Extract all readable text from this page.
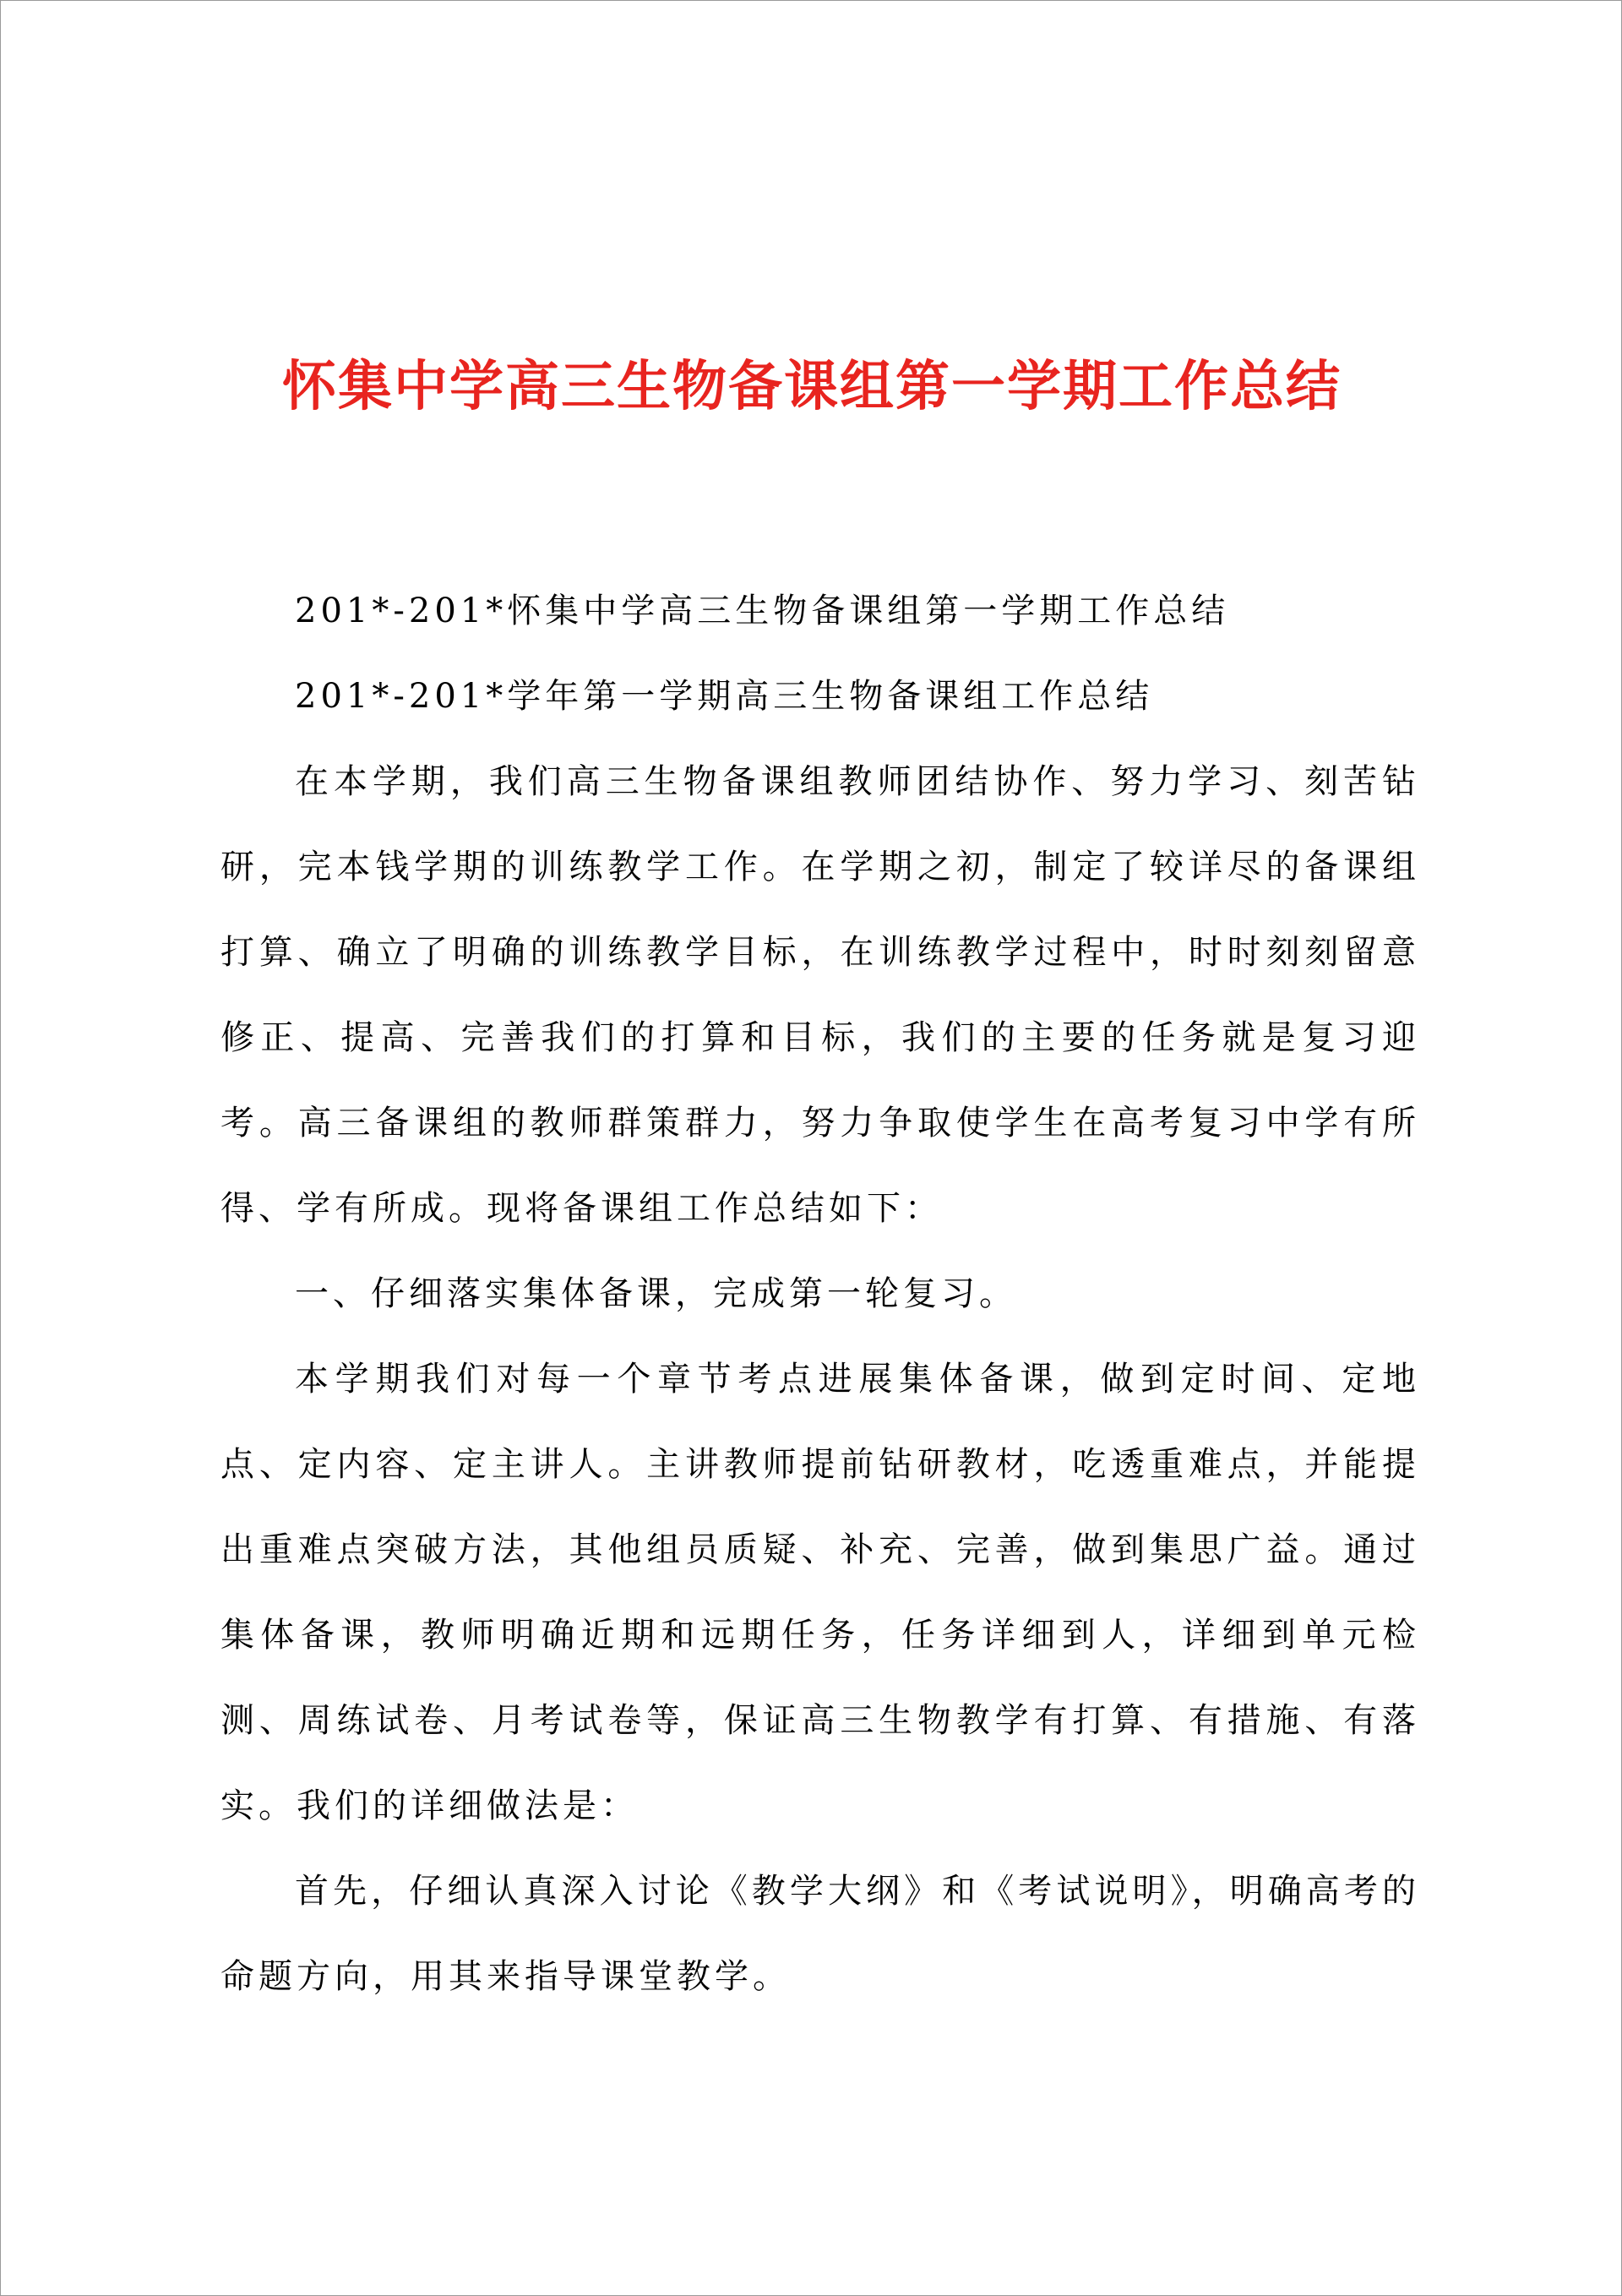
怀集中学高三生物备课组第一学期工作总结

201*-201*怀集中学高三生物备课组第一学期工作总结

201*-201*学年第一学期高三生物备课组工作总结

在本学期，我们高三生物备课组教师团结协作、努力学习、刻苦钻研，完本钱学期的训练教学工作。在学期之初，制定了较详尽的备课组打算、确立了明确的训练教学目标，在训练教学过程中，时时刻刻留意修正、提高、完善我们的打算和目标，我们的主要的任务就是复习迎考。高三备课组的教师群策群力，努力争取使学生在高考复习中学有所得、学有所成。现将备课组工作总结如下：

一、仔细落实集体备课，完成第一轮复习。

本学期我们对每一个章节考点进展集体备课，做到定时间、定地点、定内容、定主讲人。主讲教师提前钻研教材，吃透重难点，并能提出重难点突破方法，其他组员质疑、补充、完善，做到集思广益。通过集体备课，教师明确近期和远期任务，任务详细到人，详细到单元检测、周练试卷、月考试卷等，保证高三生物教学有打算、有措施、有落实。我们的详细做法是：

首先，仔细认真深入讨论《教学大纲》和《考试说明》，明确高考的命题方向，用其来指导课堂教学。
